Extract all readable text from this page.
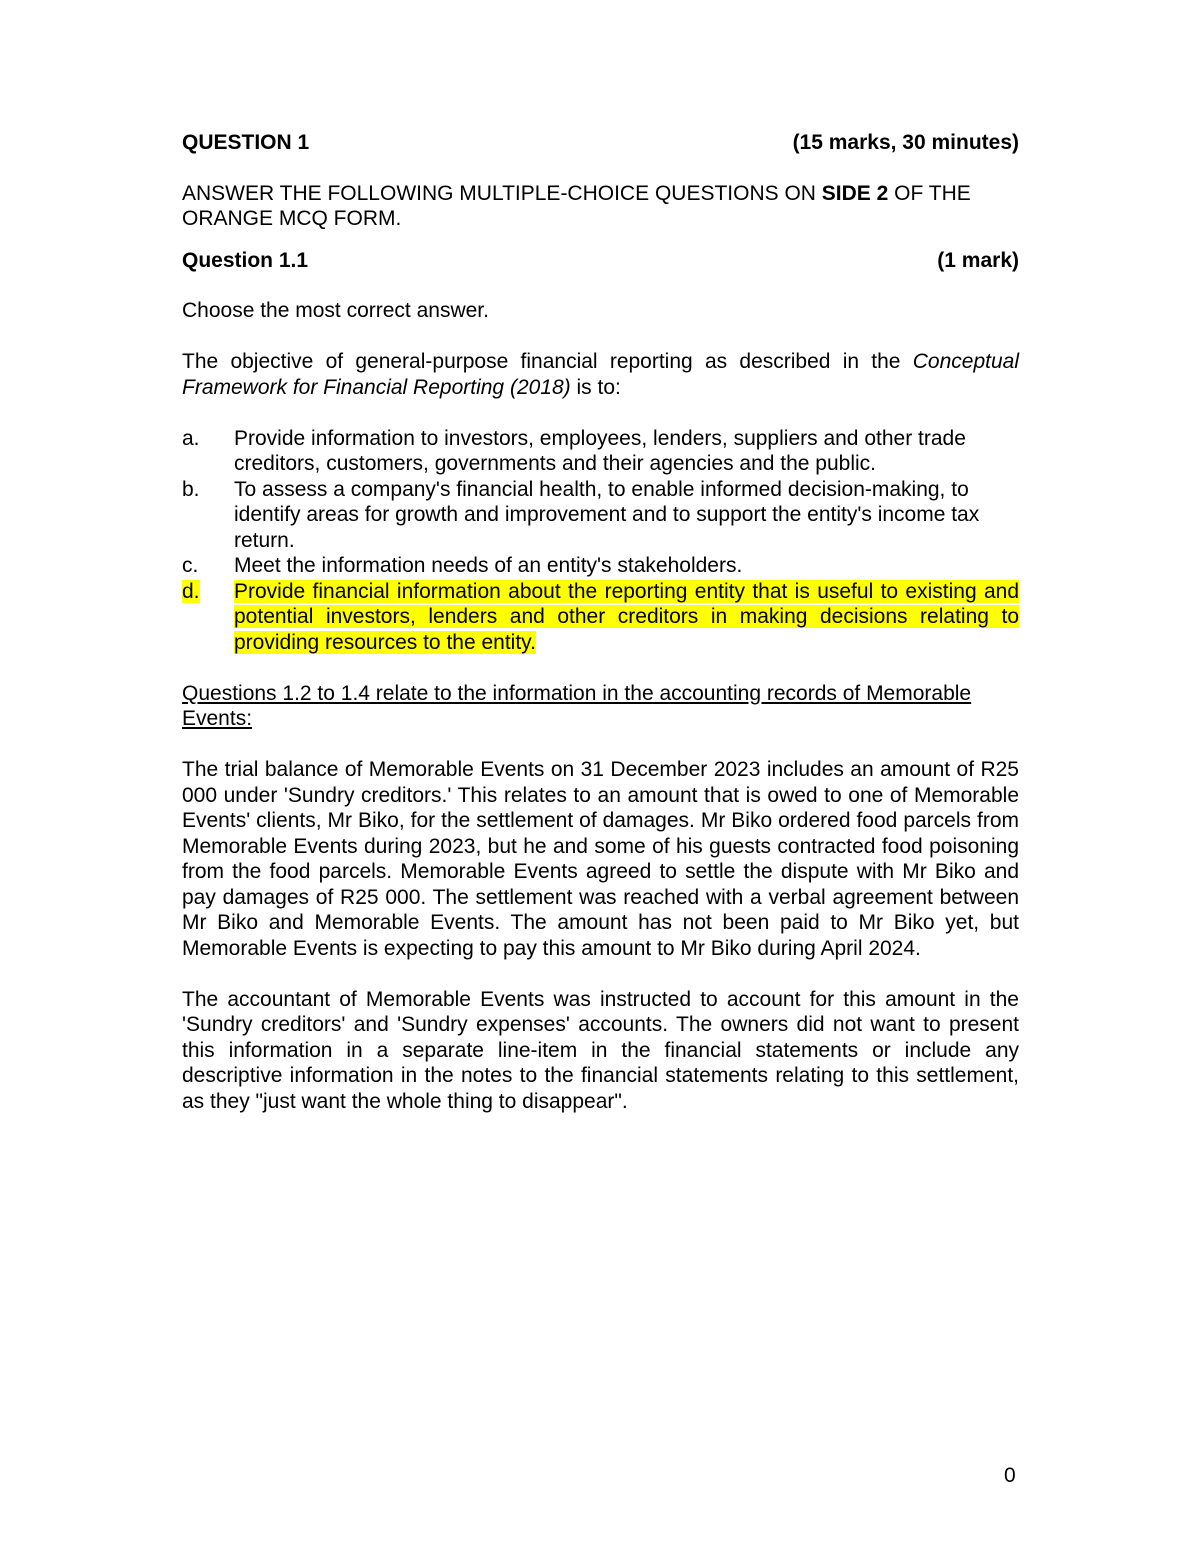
QUESTION 1	(15 marks, 30 minutes)

ANSWER THE FOLLOWING MULTIPLE-CHOICE QUESTIONS ON SIDE 2 OF THE ORANGE MCQ FORM.

Question 1.1	(1 mark)

Choose the most correct answer.

The objective of general-purpose financial reporting as described in the Conceptual Framework for Financial Reporting (2018) is to:

a.	Provide information to investors, employees, lenders, suppliers and other trade creditors, customers, governments and their agencies and the public.
b.	To assess a company's financial health, to enable informed decision-making, to identify areas for growth and improvement and to support the entity's income tax return.
c.	Meet the information needs of an entity's stakeholders.
d.	Provide financial information about the reporting entity that is useful to existing and potential investors, lenders and other creditors in making decisions relating to providing resources to the entity.

Questions 1.2 to 1.4 relate to the information in the accounting records of Memorable Events:

The trial balance of Memorable Events on 31 December 2023 includes an amount of R25 000 under 'Sundry creditors.' This relates to an amount that is owed to one of Memorable Events' clients, Mr Biko, for the settlement of damages. Mr Biko ordered food parcels from Memorable Events during 2023, but he and some of his guests contracted food poisoning from the food parcels. Memorable Events agreed to settle the dispute with Mr Biko and pay damages of R25 000. The settlement was reached with a verbal agreement between Mr Biko and Memorable Events. The amount has not been paid to Mr Biko yet, but Memorable Events is expecting to pay this amount to Mr Biko during April 2024.

The accountant of Memorable Events was instructed to account for this amount in the 'Sundry creditors' and 'Sundry expenses' accounts. The owners did not want to present this information in a separate line-item in the financial statements or include any descriptive information in the notes to the financial statements relating to this settlement, as they "just want the whole thing to disappear".

0
